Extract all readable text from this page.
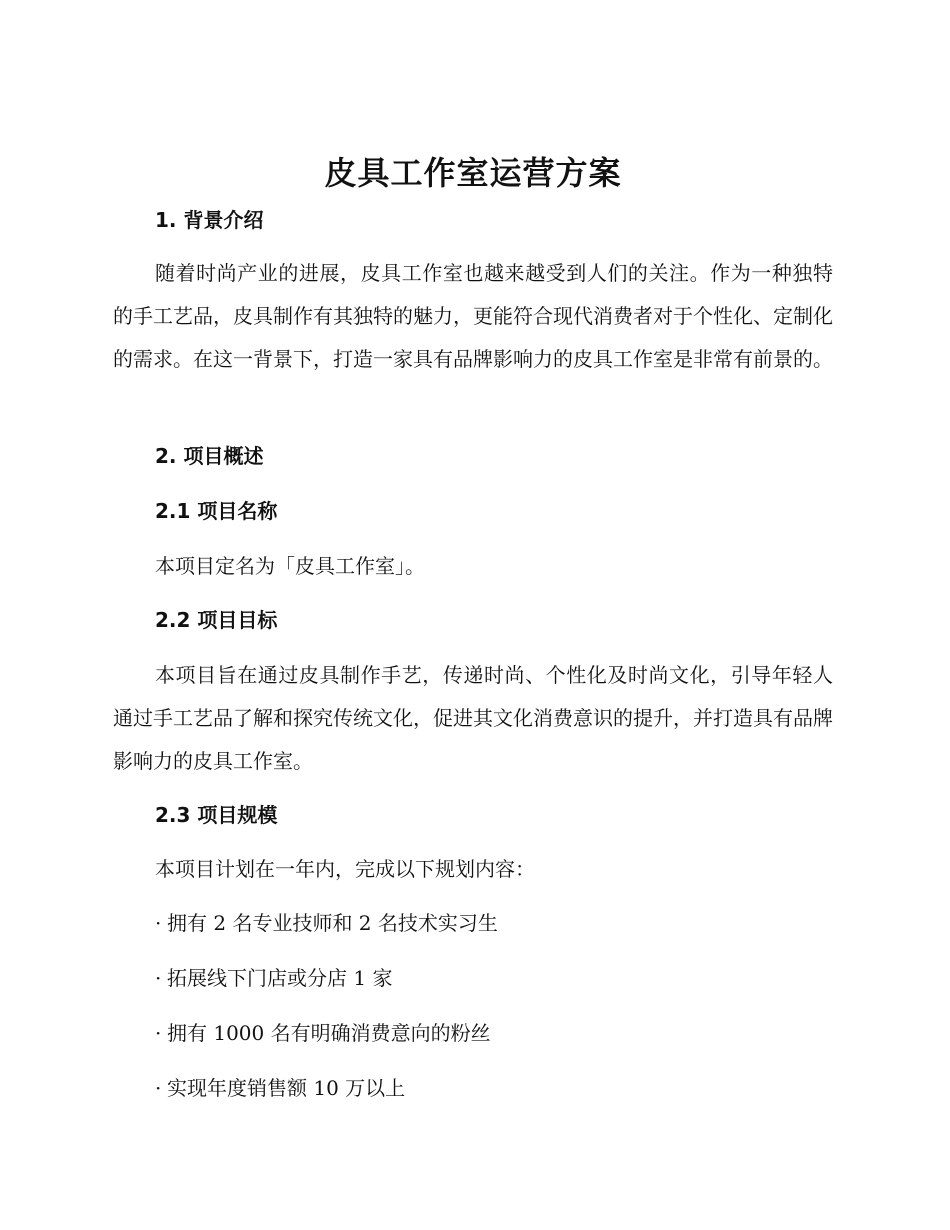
皮具工作室运营方案
1. 背景介绍

随着时尚产业的进展，皮具工作室也越来越受到人们的关注。作为一种独特的手工艺品，皮具制作有其独特的魅力，更能符合现代消费者对于个性化、定制化的需求。在这一背景下，打造一家具有品牌影响力的皮具工作室是非常有前景的。

2. 项目概述
2.1 项目名称

本项目定名为「皮具工作室」。

2.2 项目目标

本项目旨在通过皮具制作手艺，传递时尚、个性化及时尚文化，引导年轻人通过手工艺品了解和探究传统文化，促进其文化消费意识的提升，并打造具有品牌影响力的皮具工作室。

2.3 项目规模

本项目计划在一年内，完成以下规划内容：

· 拥有 2 名专业技师和 2 名技术实习生
· 拓展线下门店或分店 1 家
· 拥有 1000 名有明确消费意向的粉丝
· 实现年度销售额 10 万以上
